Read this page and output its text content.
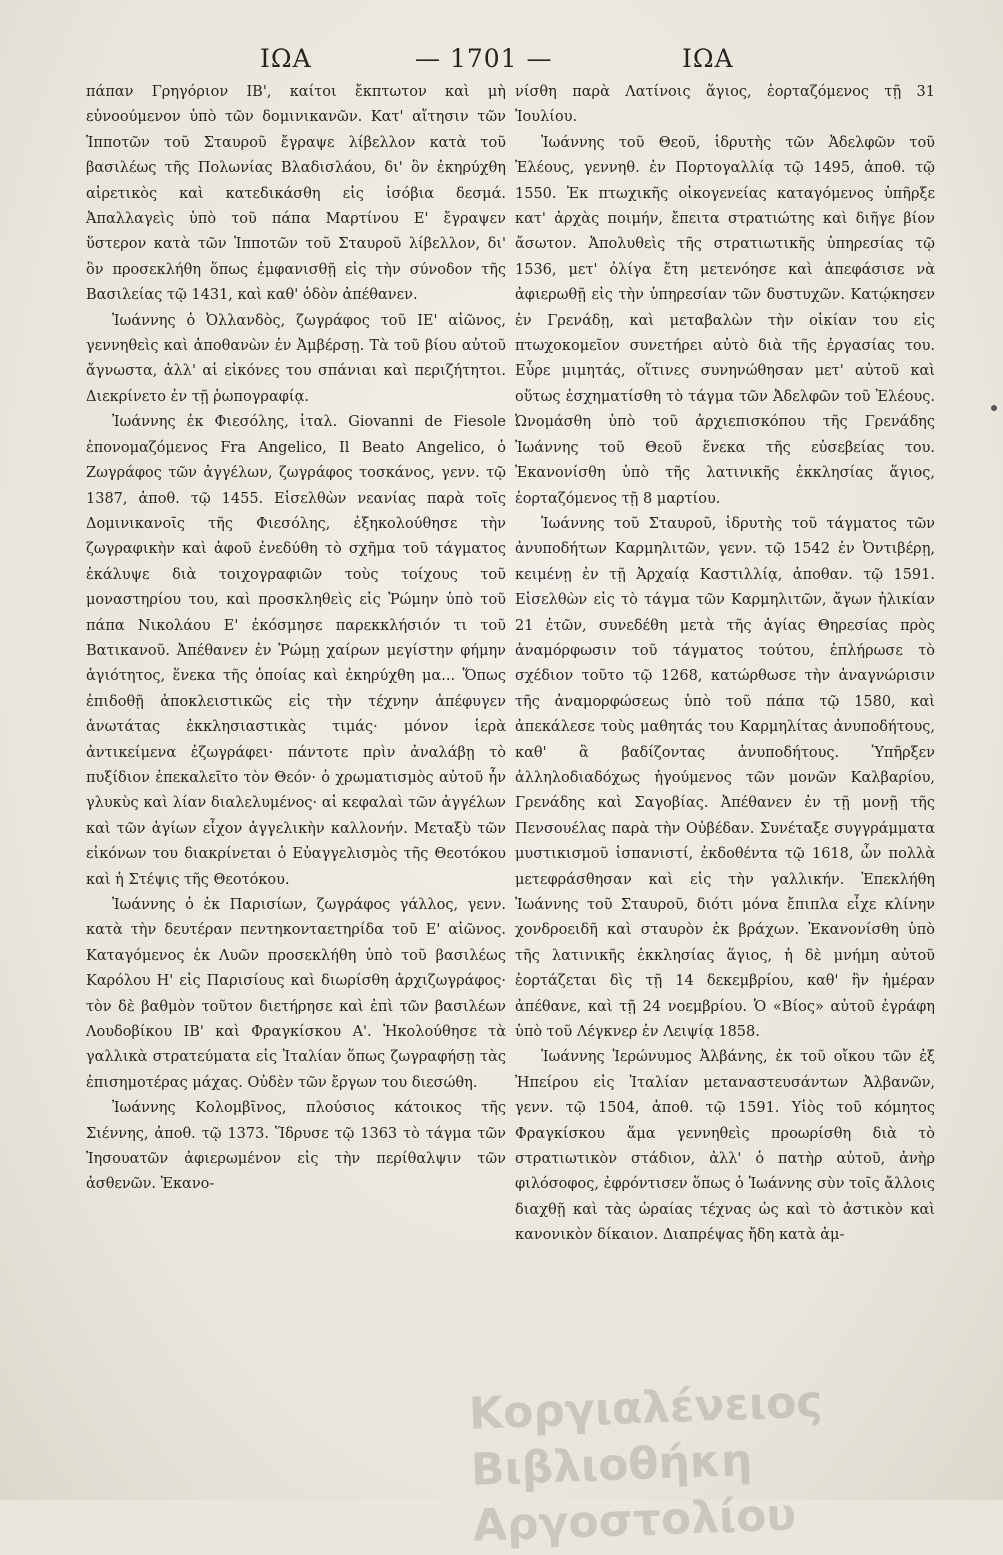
ΙΩΑ	— 1701 —	ΙΩΑ

πάπαν Γρηγόριον ΙΒ', καίτοι ἔκπτωτον καὶ μὴ εὐνοούμενον ὑπὸ τῶν δομινικανῶν. Κατ' αἴτησιν τῶν Ἱπποτῶν τοῦ Σταυροῦ ἔγραψε λίβελλον κατὰ τοῦ βασιλέως τῆς Πολωνίας Βλαδισλάου, δι' ὃν ἐκηρύχθη αἱρετικὸς καὶ κατεδικάσθη εἰς ἰσόβια δεσμά. Ἀπαλλαγεὶς ὑπὸ τοῦ πάπα Μαρτίνου Ε' ἔγραψεν ὕστερον κατὰ τῶν Ἱπποτῶν τοῦ Σταυροῦ λίβελλον, δι' ὃν προσεκλήθη ὅπως ἐμφανισθῇ εἰς τὴν σύνοδον τῆς Βασιλείας τῷ 1431, καὶ καθ' ὁδὸν ἀπέθανεν.

Ἰωάννης ὁ Ὀλλανδὸς, ζωγράφος τοῦ ΙΕ' αἰῶνος, γεννηθεὶς καὶ ἀποθανὼν ἐν Ἀμβέρσῃ. Τὰ τοῦ βίου αὐτοῦ ἄγνωστα, ἀλλ' αἱ εἰκόνες του σπάνιαι καὶ περιζήτητοι. Διεκρίνετο ἐν τῇ ῥωπογραφίᾳ.

Ἰωάννης ἐκ Φιεσόλης, ἰταλ. Giovanni de Fiesole ἐπονομαζόμενος Fra Angelico, Il Beato Angelico, ὁ Ζωγράφος τῶν ἀγγέλων, ζωγράφος τοσκάνος, γενν. τῷ 1387, ἀποθ. τῷ 1455. Εἰσελθὼν νεανίας παρὰ τοῖς Δομινικανοῖς τῆς Φιεσόλης, ἐξηκολούθησε τὴν ζωγραφικὴν καὶ ἀφοῦ ἐνεδύθη τὸ σχῆμα τοῦ τάγματος ἐκάλυψε διὰ τοιχογραφιῶν τοὺς τοίχους τοῦ μοναστηρίου του, καὶ προσκληθεὶς εἰς Ῥώμην ὑπὸ τοῦ πάπα Νικολάου Ε' ἐκόσμησε παρεκκλήσιόν τι τοῦ Βατικανοῦ. Ἀπέθανεν ἐν Ῥώμῃ χαίρων μεγίστην φήμην ἁγιότητος, ἕνεκα τῆς ὁποίας καὶ ἐκηρύχθη μα... Ὅπως ἐπιδοθῇ ἀποκλειστικῶς εἰς τὴν τέχνην ἀπέφυγεν ἀνωτάτας ἐκκλησιαστικὰς τιμάς· μόνον ἱερὰ ἀντικείμενα ἐζωγράφει· πάντοτε πρὶν ἀναλάβῃ τὸ πυξίδιον ἐπεκαλεῖτο τὸν Θεόν· ὁ χρωματισμὸς αὐτοῦ ἦν γλυκὺς καὶ λίαν διαλελυμένος· αἱ κεφαλαὶ τῶν ἀγγέλων καὶ τῶν ἁγίων εἶχον ἀγγελικὴν καλλονήν. Μεταξὺ τῶν εἰκόνων του διακρίνεται ὁ Εὐαγγελισμὸς τῆς Θεοτόκου καὶ ἡ Στέψις τῆς Θεοτόκου.

Ἰωάννης ὁ ἐκ Παρισίων, ζωγράφος γάλλος, γενν. κατὰ τὴν δευτέραν πεντηκονταετηρίδα τοῦ Ε' αἰῶνος. Καταγόμενος ἐκ Λυῶν προσεκλήθη ὑπὸ τοῦ βασιλέως Καρόλου Η' εἰς Παρισίους καὶ διωρίσθη ἀρχιζωγράφος· τὸν δὲ βαθμὸν τοῦτον διετήρησε καὶ ἐπὶ τῶν βασιλέων Λουδοβίκου ΙΒ' καὶ Φραγκίσκου Α'. Ἠκολούθησε τὰ γαλλικὰ στρατεύματα εἰς Ἰταλίαν ὅπως ζωγραφήσῃ τὰς ἐπισημοτέρας μάχας. Οὐδὲν τῶν ἔργων του διεσώθη.

Ἰωάννης Κολομβῖνος, πλούσιος κάτοικος τῆς Σιέννης, ἀποθ. τῷ 1373. Ἵδρυσε τῷ 1363 τὸ τάγμα τῶν Ἰησουατῶν ἀφιερωμένον εἰς τὴν περίθαλψιν τῶν ἀσθενῶν. Ἐκανο-

νίσθη παρὰ Λατίνοις ἅγιος, ἑορταζόμενος τῇ 31 Ἰουλίου.

Ἰωάννης τοῦ Θεοῦ, ἱδρυτὴς τῶν Ἀδελφῶν τοῦ Ἐλέους, γεννηθ. ἐν Πορτογαλλίᾳ τῷ 1495, ἀποθ. τῷ 1550. Ἐκ πτωχικῆς οἰκογενείας καταγόμενος ὑπῆρξε κατ' ἀρχὰς ποιμήν, ἔπειτα στρατιώτης καὶ διῆγε βίον ἄσωτον. Ἀπολυθεὶς τῆς στρατιωτικῆς ὑπηρεσίας τῷ 1536, μετ' ὀλίγα ἔτη μετενόησε καὶ ἀπεφάσισε νὰ ἀφιερωθῇ εἰς τὴν ὑπηρεσίαν τῶν δυστυχῶν. Κατῴκησεν ἐν Γρενάδῃ, καὶ μεταβαλὼν τὴν οἰκίαν του εἰς πτωχοκομεῖον συνετήρει αὐτὸ διὰ τῆς ἐργασίας του. Εὗρε μιμητάς, οἵτινες συνηνώθησαν μετ' αὐτοῦ καὶ οὕτως ἐσχηματίσθη τὸ τάγμα τῶν Ἀδελφῶν τοῦ Ἐλέους. Ὠνομάσθη ὑπὸ τοῦ ἀρχιεπισκόπου τῆς Γρενάδης Ἰωάννης τοῦ Θεοῦ ἕνεκα τῆς εὐσεβείας του. Ἐκανονίσθη ὑπὸ τῆς λατινικῆς ἐκκλησίας ἅγιος, ἑορταζόμενος τῇ 8 μαρτίου.

Ἰωάννης τοῦ Σταυροῦ, ἱδρυτὴς τοῦ τάγματος τῶν ἀνυποδήτων Καρμηλιτῶν, γενν. τῷ 1542 ἐν Ὀντιβέρῃ, κειμένῃ ἐν τῇ Ἀρχαίᾳ Καστιλλίᾳ, ἀποθαν. τῷ 1591. Εἰσελθὼν εἰς τὸ τάγμα τῶν Καρμηλιτῶν, ἄγων ἡλικίαν 21 ἐτῶν, συνεδέθη μετὰ τῆς ἁγίας Θηρεσίας πρὸς ἀναμόρφωσιν τοῦ τάγματος τούτου, ἐπλήρωσε τὸ σχέδιον τοῦτο τῷ 1268, κατώρθωσε τὴν ἀναγνώρισιν τῆς ἀναμορφώσεως ὑπὸ τοῦ πάπα τῷ 1580, καὶ ἀπεκάλεσε τοὺς μαθητάς του Καρμηλίτας ἀνυποδήτους, καθ' ἃ βαδίζοντας ἀνυποδήτους. Ὑπῆρξεν ἀλληλοδιαδόχως ἡγούμενος τῶν μονῶν Καλβαρίου, Γρενάδης καὶ Σαγοβίας. Ἀπέθανεν ἐν τῇ μονῇ τῆς Πενσουέλας παρὰ τὴν Οὐβέδαν. Συνέταξε συγγράμματα μυστικισμοῦ ἱσπανιστί, ἐκδοθέντα τῷ 1618, ὧν πολλὰ μετεφράσθησαν καὶ εἰς τὴν γαλλικήν. Ἐπεκλήθη Ἰωάννης τοῦ Σταυροῦ, διότι μόνα ἔπιπλα εἶχε κλίνην χονδροειδῆ καὶ σταυρὸν ἐκ βράχων. Ἐκανονίσθη ὑπὸ τῆς λατινικῆς ἐκκλησίας ἅγιος, ἡ δὲ μνήμη αὐτοῦ ἑορτάζεται δὶς τῇ 14 δεκεμβρίου, καθ' ἣν ἡμέραν ἀπέθανε, καὶ τῇ 24 νοεμβρίου. Ὁ «Βίος» αὐτοῦ ἐγράφη ὑπὸ τοῦ Λέγκνερ ἐν Λειψίᾳ 1858.

Ἰωάννης Ἱερώνυμος Ἀλβάνης, ἐκ τοῦ οἴκου τῶν ἐξ Ἠπείρου εἰς Ἰταλίαν μεταναστευσάντων Ἀλβανῶν, γενν. τῷ 1504, ἀποθ. τῷ 1591. Υἱὸς τοῦ κόμητος Φραγκίσκου ἅμα γεννηθεὶς προωρίσθη διὰ τὸ στρατιωτικὸν στάδιον, ἀλλ' ὁ πατὴρ αὐτοῦ, ἀνὴρ φιλόσοφος, ἐφρόντισεν ὅπως ὁ Ἰωάννης σὺν τοῖς ἄλλοις διαχθῇ καὶ τὰς ὡραίας τέχνας ὡς καὶ τὸ ἀστικὸν καὶ κανονικὸν δίκαιον. Διαπρέψας ἤδη κατὰ ἀμ-

Κοργιαλένειος Βιβλιοθήκη Αργοστολίου
